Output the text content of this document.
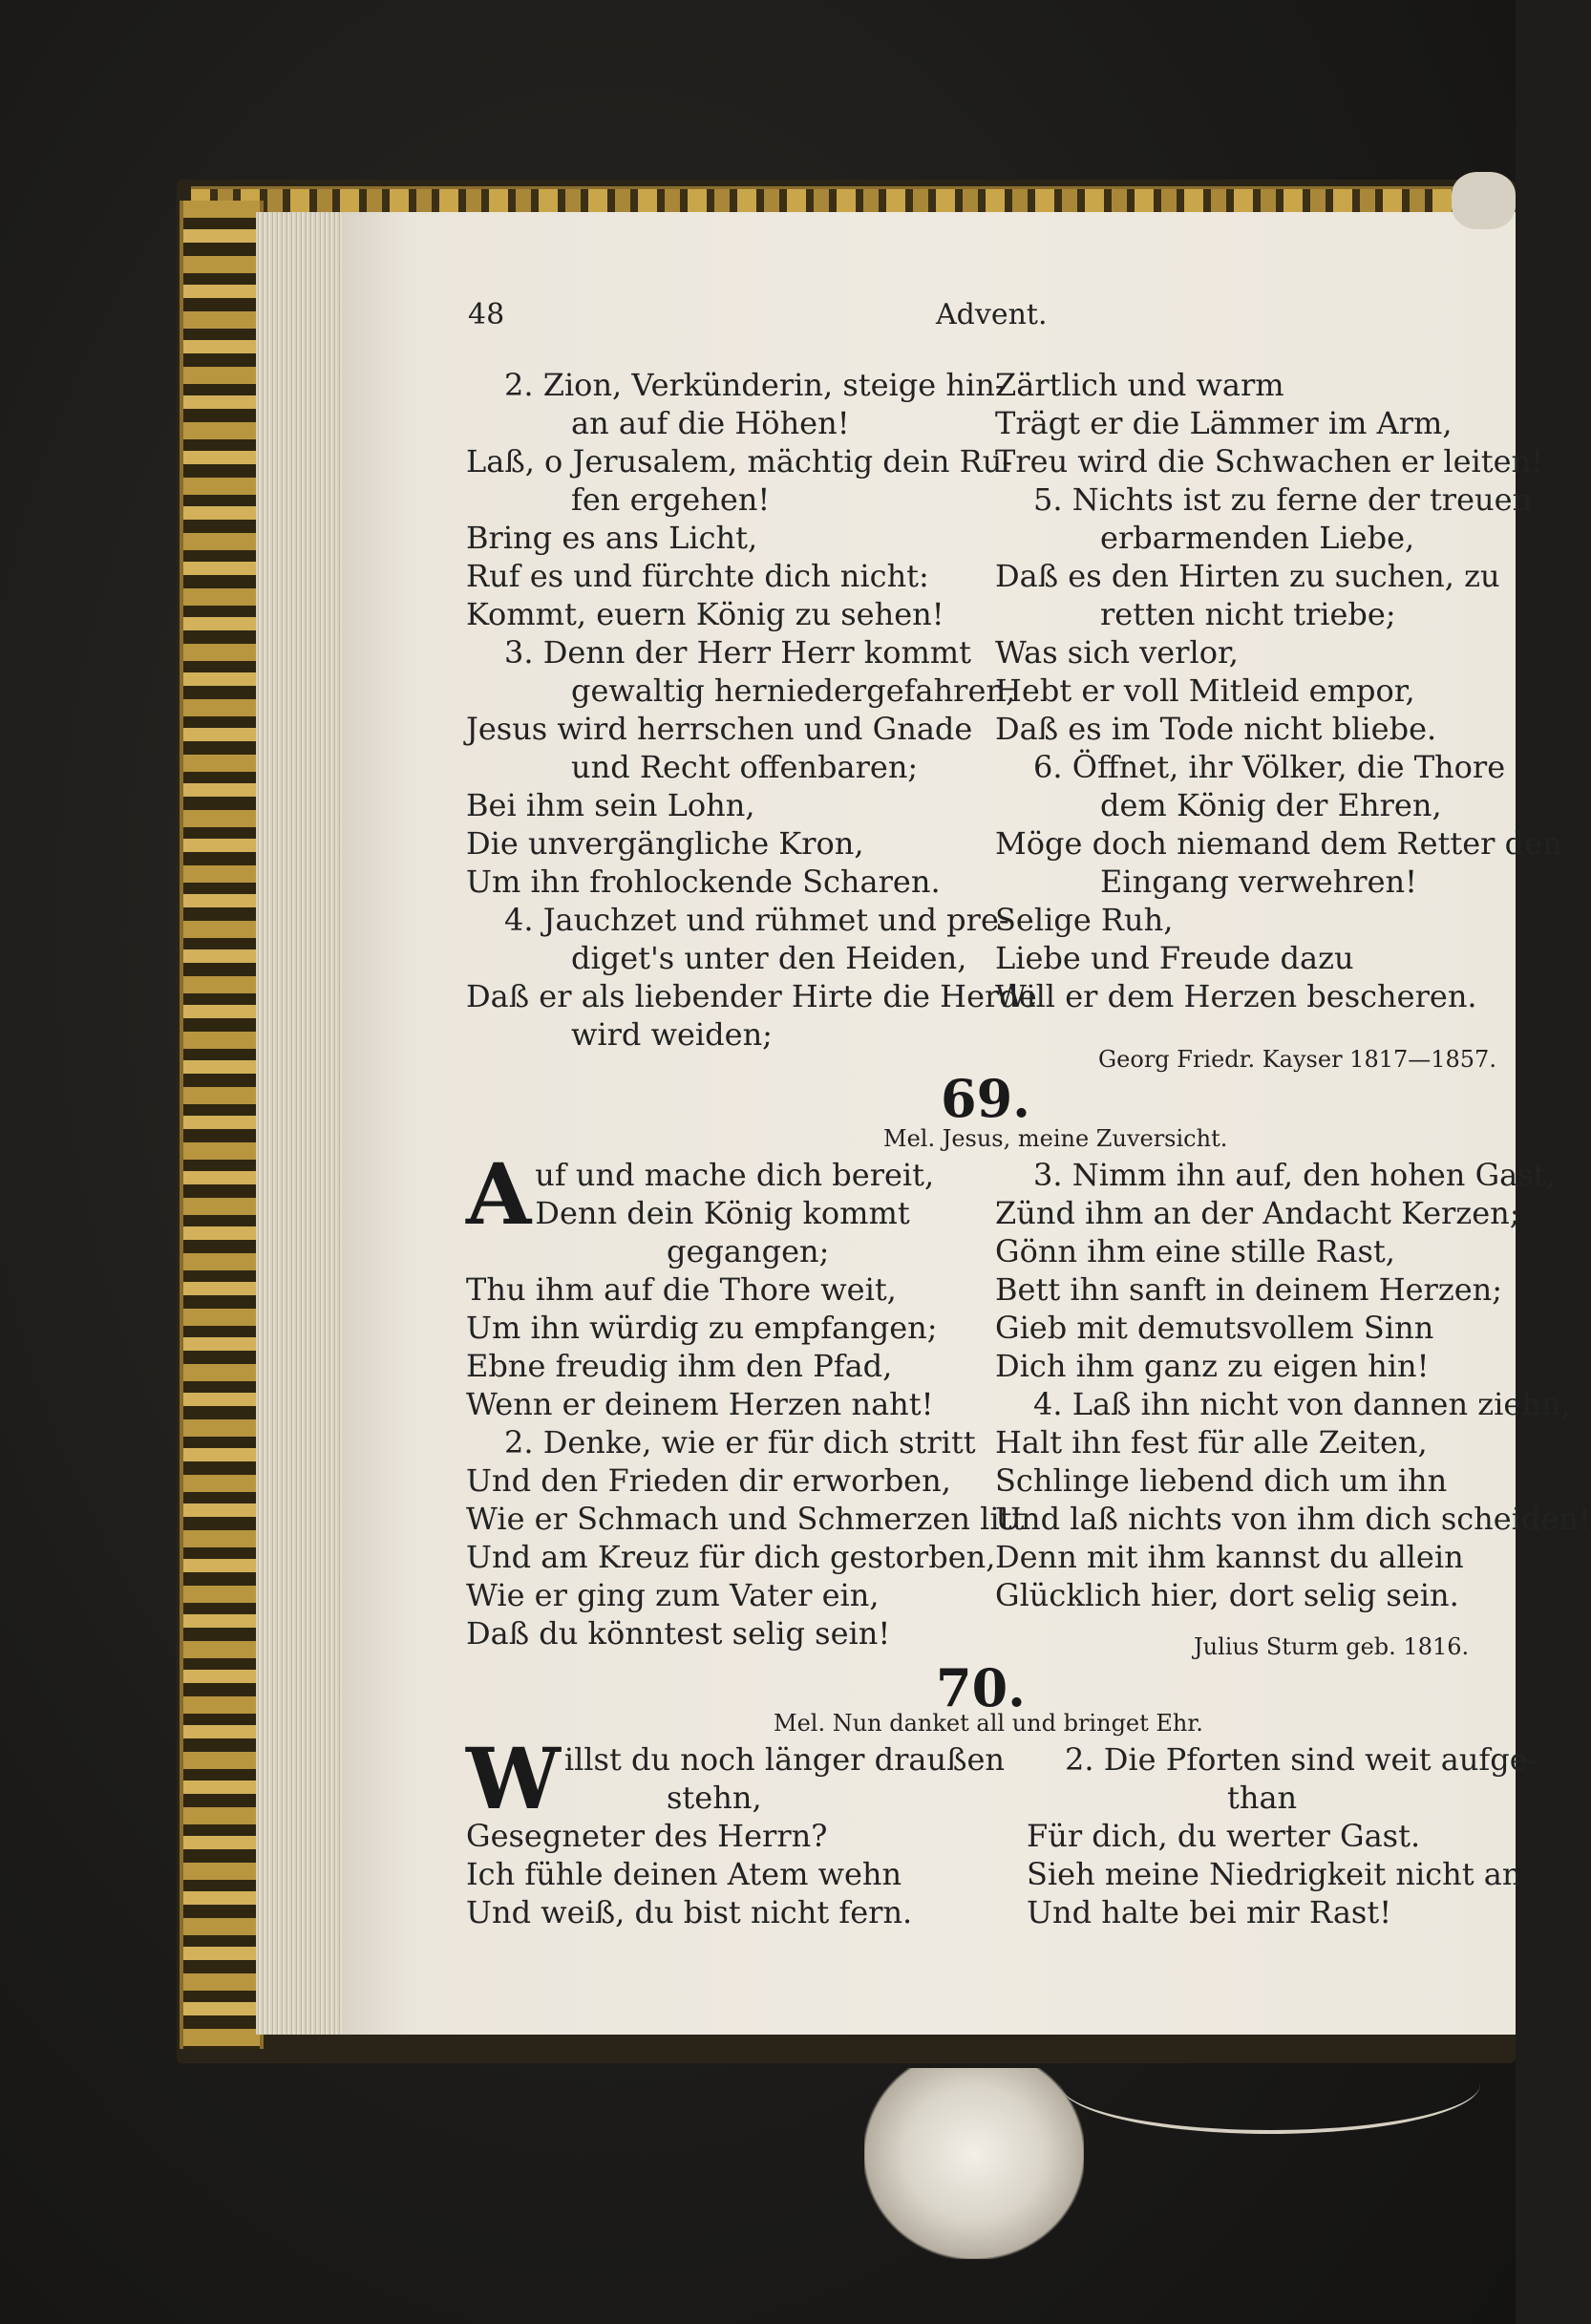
48	Advent.
2. Zion, Verkünderin, steige hin-
an auf die Höhen!
Laß, o Jerusalem, mächtig dein Ru-
fen ergehen!
Bring es ans Licht,
Ruf es und fürchte dich nicht:
Kommt, euern König zu sehen!
3. Denn der Herr Herr kommt
gewaltig herniedergefahren,
Jesus wird herrschen und Gnade
und Recht offenbaren;
Bei ihm sein Lohn,
Die unvergängliche Kron,
Um ihn frohlockende Scharen.
4. Jauchzet und rühmet und pre-
diget's unter den Heiden,
Daß er als liebender Hirte die Herde
wird weiden;
Zärtlich und warm
Trägt er die Lämmer im Arm,
Treu wird die Schwachen er leiten!
5. Nichts ist zu ferne der treuen
erbarmenden Liebe,
Daß es den Hirten zu suchen, zu
retten nicht triebe;
Was sich verlor,
Hebt er voll Mitleid empor,
Daß es im Tode nicht bliebe.
6. Öffnet, ihr Völker, die Thore
dem König der Ehren,
Möge doch niemand dem Retter den
Eingang verwehren!
Selige Ruh,
Liebe und Freude dazu
Will er dem Herzen bescheren.
Georg Friedr. Kayser 1817—1857.
69.
Mel. Jesus, meine Zuversicht.
A uf und mache dich bereit,
Denn dein König kommt
gegangen;
Thu ihm auf die Thore weit,
Um ihn würdig zu empfangen;
Ebne freudig ihm den Pfad,
Wenn er deinem Herzen naht!
2. Denke, wie er für dich stritt
Und den Frieden dir erworben,
Wie er Schmach und Schmerzen litt
Und am Kreuz für dich gestorben,
Wie er ging zum Vater ein,
Daß du könntest selig sein!
3. Nimm ihn auf, den hohen Gast,
Zünd ihm an der Andacht Kerzen;
Gönn ihm eine stille Rast,
Bett ihn sanft in deinem Herzen;
Gieb mit demutsvollem Sinn
Dich ihm ganz zu eigen hin!
4. Laß ihn nicht von dannen ziehn,
Halt ihn fest für alle Zeiten,
Schlinge liebend dich um ihn
Und laß nichts von ihm dich scheiden!
Denn mit ihm kannst du allein
Glücklich hier, dort selig sein.
Julius Sturm geb. 1816.
70.
Mel. Nun danket all und bringet Ehr.
W illst du noch länger draußen
stehn,
Gesegneter des Herrn?
Ich fühle deinen Atem wehn
Und weiß, du bist nicht fern.
2. Die Pforten sind weit aufge-
than
Für dich, du werter Gast.
Sieh meine Niedrigkeit nicht an
Und halte bei mir Rast!
